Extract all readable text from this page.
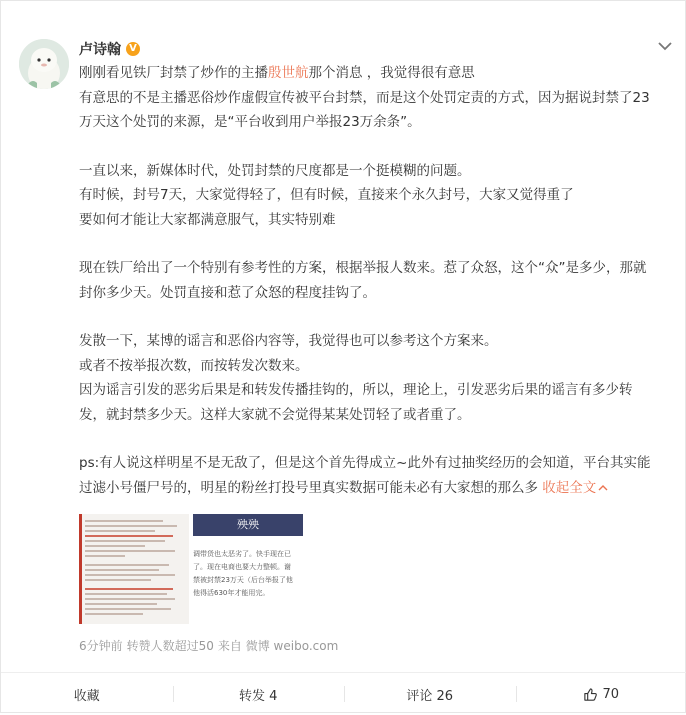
卢诗翰 V

刚刚看见铁厂封禁了炒作的主播殷世航那个消息 ，我觉得很有意思

有意思的不是主播恶俗炒作虚假宣传被平台封禁，而是这个处罚定责的方式，因为据说封禁了23

万天这个处罚的来源，是“平台收到用户举报23万余条”。

一直以来，新媒体时代，处罚封禁的尺度都是一个挺模糊的问题。

有时候，封号7天，大家觉得轻了，但有时候，直接来个永久封号，大家又觉得重了

要如何才能让大家都满意服气，其实特别难

现在铁厂给出了一个特别有参考性的方案，根据举报人数来。惹了众怒，这个“众”是多少，那就

封你多少天。处罚直接和惹了众怒的程度挂钩了。

发散一下，某博的谣言和恶俗内容等，我觉得也可以参考这个方案来。

或者不按举报次数，而按转发次数来。

因为谣言引发的恶劣后果是和转发传播挂钩的，所以，理论上，引发恶劣后果的谣言有多少转

发，就封禁多少天。这样大家就不会觉得某某处罚轻了或者重了。

ps:有人说这样明星不是无敌了，但是这个首先得成立~此外有过抽奖经历的会知道，平台其实能

过滤小号僵尸号的，明星的粉丝打投号里真实数据可能未必有大家想的那么多 收起全文

殃殃
调带货也太恶劣了。快手现在已
了。现在电商也要大力整顿。谢
禁被封禁23万天（后台举报了他
他得活630年才能用完。
6分钟前 转赞人数超过50 来自 微博 weibo.com
收藏	转发 4	评论 26	70
